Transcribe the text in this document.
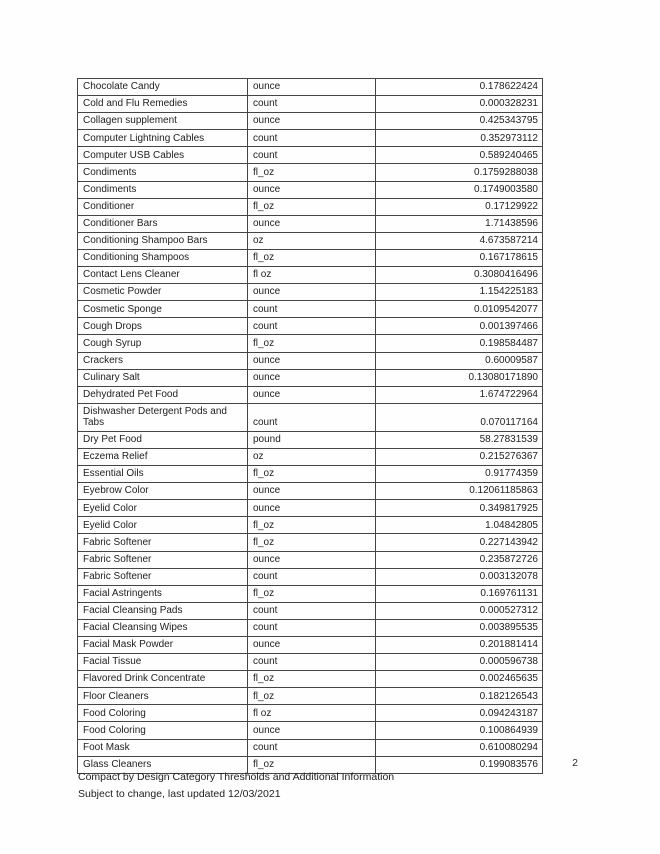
Chocolate Candy	ounce	0.178622424
Cold and Flu Remedies	count	0.000328231
Collagen supplement	ounce	0.425343795
Computer Lightning Cables	count	0.352973112
Computer USB Cables	count	0.589240465
Condiments	fl_oz	0.1759288038
Condiments	ounce	0.1749003580
Conditioner	fl_oz	0.17129922
Conditioner Bars	ounce	1.71438596
Conditioning Shampoo Bars	oz	4.673587214
Conditioning Shampoos	fl_oz	0.167178615
Contact Lens Cleaner	fl oz	0.3080416496
Cosmetic Powder	ounce	1.154225183
Cosmetic Sponge	count	0.0109542077
Cough Drops	count	0.001397466
Cough Syrup	fl_oz	0.198584487
Crackers	ounce	0.60009587
Culinary Salt	ounce	0.13080171890
Dehydrated Pet Food	ounce	1.674722964
Dishwasher Detergent Pods and Tabs	count	0.070117164
Dry Pet Food	pound	58.27831539
Eczema Relief	oz	0.215276367
Essential Oils	fl_oz	0.91774359
Eyebrow Color	ounce	0.12061185863
Eyelid Color	ounce	0.349817925
Eyelid Color	fl_oz	1.04842805
Fabric Softener	fl_oz	0.227143942
Fabric Softener	ounce	0.235872726
Fabric Softener	count	0.003132078
Facial Astringents	fl_oz	0.169761131
Facial Cleansing Pads	count	0.000527312
Facial Cleansing Wipes	count	0.003895535
Facial Mask Powder	ounce	0.201881414
Facial Tissue	count	0.000596738
Flavored Drink Concentrate	fl_oz	0.002465635
Floor Cleaners	fl_oz	0.182126543
Food Coloring	fl oz	0.094243187
Food Coloring	ounce	0.100864939
Foot Mask	count	0.610080294
Glass Cleaners	fl_oz	0.199083576	2
Compact by Design Category Thresholds and Additional Information
Subject to change, last updated 12/03/2021
